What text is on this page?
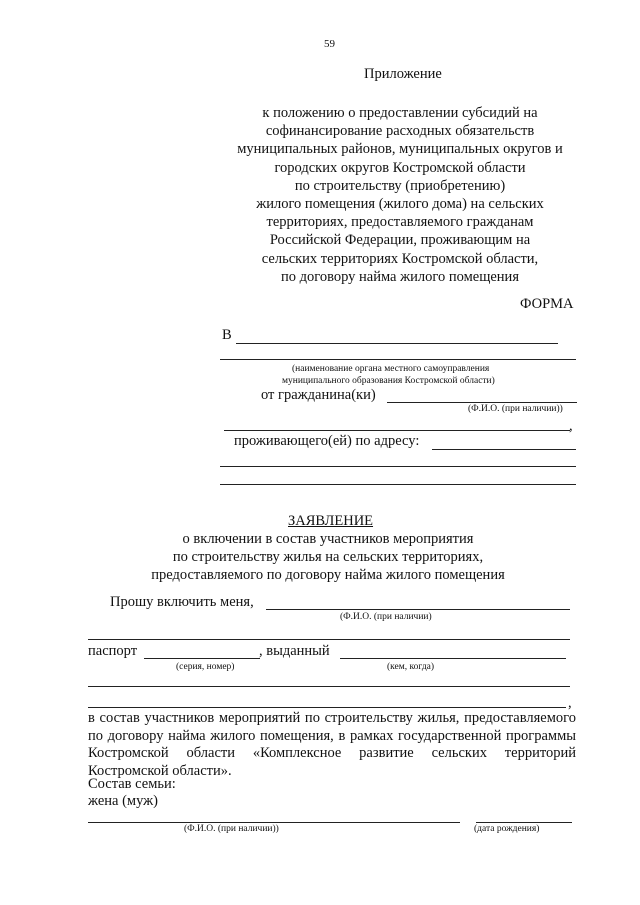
59
Приложение
к положению о предоставлении субсидий на
софинансирование расходных обязательств
муниципальных районов, муниципальных округов и
городских округов Костромской области
по строительству (приобретению)
жилого помещения (жилого дома) на сельских
территориях, предоставляемого гражданам
Российской Федерации, проживающим на
сельских территориях Костромской области,
по договору найма жилого помещения
ФОРМА
В
(наименование органа местного самоуправления
муниципального образования Костромской области)
от гражданина(ки)
(Ф.И.О. (при наличии))
,
проживающего(ей) по адресу:
ЗАЯВЛЕНИЕ
о включении в состав участников мероприятия
по строительству жилья на сельских территориях,
предоставляемого по договору найма жилого помещения
Прошу включить меня,
(Ф.И.О. (при наличии)
паспорт	, выданный
(серия, номер)	(кем, когда)
,
в состав участников мероприятий по строительству жилья, предоставляемого по договору найма жилого помещения, в рамках государственной программы Костромской области «Комплексное развитие сельских территорий Костромской области».
Состав семьи:
жена (муж)
(Ф.И.О. (при наличии))	(дата рождения)
